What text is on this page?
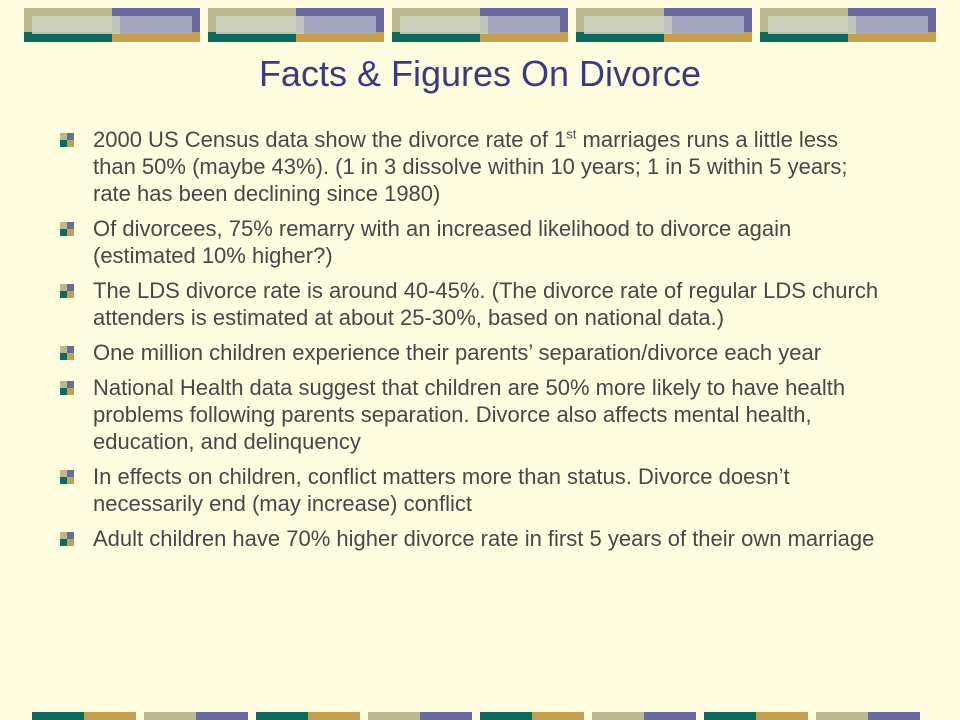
Facts & Figures On Divorce
2000 US Census data show the divorce rate of 1st marriages runs a little less than 50% (maybe 43%). (1 in 3 dissolve within 10 years; 1 in 5 within 5 years; rate has been declining since 1980)
Of divorcees, 75% remarry with an increased likelihood to divorce again (estimated 10% higher?)
The LDS divorce rate is around 40-45%. (The divorce rate of regular LDS church attenders is estimated at about 25-30%, based on national data.)
One million children experience their parents’ separation/divorce each year
National Health data suggest that children are 50% more likely to have health problems following parents separation. Divorce also affects mental health, education, and delinquency
In effects on children, conflict matters more than status. Divorce doesn’t necessarily end (may increase) conflict
Adult children have 70% higher divorce rate in first 5 years of their own marriage
